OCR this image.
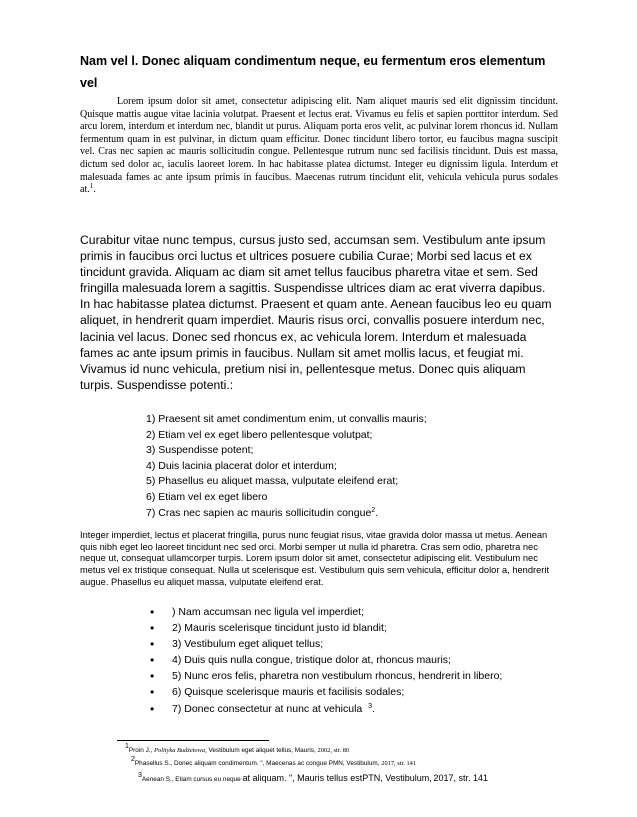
Nam vel l. Donec aliquam condimentum neque, eu fermentum eros elementum vel

Lorem ipsum dolor sit amet, consectetur adipiscing elit. Nam aliquet mauris sed elit dignissim tincidunt. Quisque mattis augue vitae lacinia volutpat. Praesent et lectus erat. Vivamus eu felis et sapien porttitor interdum. Sed arcu lorem, interdum et interdum nec, blandit ut purus. Aliquam porta eros velit, ac pulvinar lorem rhoncus id. Nullam fermentum quam in est pulvinar, in dictum quam efficitur. Donec tincidunt libero tortor, eu faucibus magna suscipit vel. Cras nec sapien ac mauris sollicitudin congue. Pellentesque rutrum nunc sed facilisis tincidunt. Duis est massa, dictum sed dolor ac, iaculis laoreet lorem. In hac habitasse platea dictumst. Integer eu dignissim ligula. Interdum et malesuada fames ac ante ipsum primis in faucibus. Maecenas rutrum tincidunt elit, vehicula vehicula purus sodales at.$^1$.

Curabitur vitae nunc tempus, cursus justo sed, accumsan sem. Vestibulum ante ipsum primis in faucibus orci luctus et ultrices posuere cubilia Curae; Morbi sed lacus et ex tincidunt gravida. Aliquam ac diam sit amet tellus faucibus pharetra vitae et sem. Sed fringilla malesuada lorem a sagittis. Suspendisse ultrices diam ac erat viverra dapibus. In hac habitasse platea dictumst. Praesent et quam ante. Aenean faucibus leo eu quam aliquet, in hendrerit quam imperdiet. Mauris risus orci, convallis posuere interdum nec, lacinia vel lacus. Donec sed rhoncus ex, ac vehicula lorem. Interdum et malesuada fames ac ante ipsum primis in faucibus. Nullam sit amet mollis lacus, et feugiat mi. Vivamus id nunc vehicula, pretium nisi in, pellentesque metus. Donec quis aliquam turpis. Suspendisse potenti.:

1) Praesent sit amet condimentum enim, ut convallis mauris;
2) Etiam vel ex eget libero pellentesque volutpat;
3) Suspendisse potent;
4) Duis lacinia placerat dolor et interdum;
5) Phasellus eu aliquet massa, vulputate eleifend erat;
6) Etiam vel ex eget libero
7) Cras nec sapien ac mauris sollicitudin congue$^2$.

Integer imperdiet, lectus et placerat fringilla, purus nunc feugiat risus, vitae gravida dolor massa ut metus. Aenean quis nibh eget leo laoreet tincidunt nec sed orci. Morbi semper ut nulla id pharetra. Cras sem odio, pharetra nec neque ut, consequat ullamcorper turpis. Lorem ipsum dolor sit amet, consectetur adipiscing elit. Vestibulum nec metus vel ex tristique consequat. Nulla ut scelerisque est. Vestibulum quis sem vehicula, efficitur dolor a, hendrerit augue. Phasellus eu aliquet massa, vulputate eleifend erat.

• ) Nam accumsan nec ligula vel imperdiet;
• 2) Mauris scelerisque tincidunt justo id blandit;
• 3) Vestibulum eget aliquet tellus;
• 4) Duis quis nulla congue, tristique dolor at, rhoncus mauris;
• 5) Nunc eros felis, pharetra non vestibulum rhoncus, hendrerit in libero;
• 6) Quisque scelerisque mauris et facilisis sodales;
• 7) Donec consectetur at nunc at vehicula $^3$.
$^1$Proin J., Polityka Budżetowa, Vestibulum eget aliquet tellus, Mauris, 2002, str. 80
$^2$Phasellus S., Donec aliquam condimentum. ", Maecenas ac congue PMN, Vestibulum, 2017, str. 141
$^3$Aenean S., Etiam cursus eu neque at aliquam. ", Mauris tellus estPTN, Vestibulum, 2017, str. 141
